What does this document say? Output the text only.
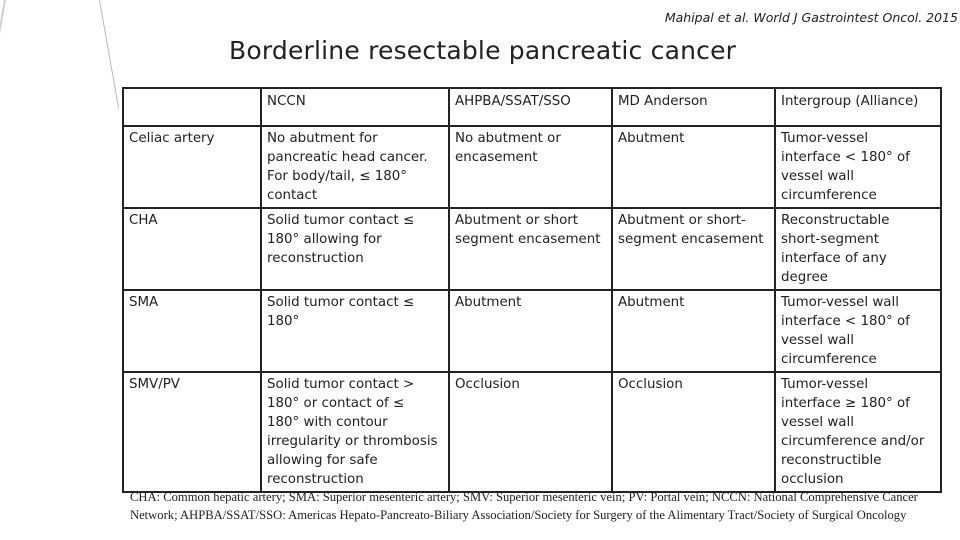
Mahipal et al. World J Gastrointest Oncol. 2015
Borderline resectable pancreatic cancer
	NCCN	AHPBA/SSAT/SSO	MD Anderson	Intergroup (Alliance)
Celiac artery	No abutment for pancreatic head cancer. For body/tail, ≤ 180° contact	No abutment or encasement	Abutment	Tumor-vessel interface < 180° of vessel wall circumference
CHA	Solid tumor contact ≤ 180° allowing for reconstruction	Abutment or short segment encasement	Abutment or short-segment encasement	Reconstructable short-segment interface of any degree
SMA	Solid tumor contact ≤ 180°	Abutment	Abutment	Tumor-vessel wall interface < 180° of vessel wall circumference
SMV/PV	Solid tumor contact > 180° or contact of ≤ 180° with contour irregularity or thrombosis allowing for safe reconstruction	Occlusion	Occlusion	Tumor-vessel interface ≥ 180° of vessel wall circumference and/or reconstructible occlusion
CHA: Common hepatic artery; SMA: Superior mesenteric artery; SMV: Superior mesenteric vein; PV: Portal vein; NCCN: National Comprehensive Cancer Network; AHPBA/SSAT/SSO: Americas Hepato-Pancreato-Biliary Association/Society for Surgery of the Alimentary Tract/Society of Surgical Oncology
